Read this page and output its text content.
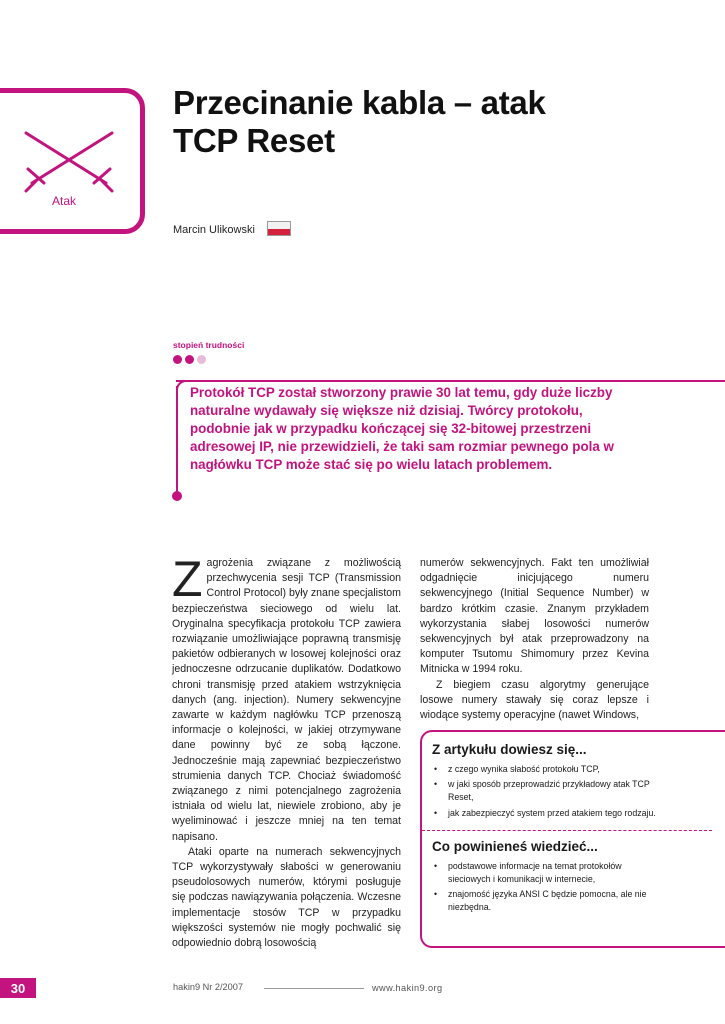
Atak
Przecinanie kabla – atak
TCP Reset
Marcin Ulikowski
stopień trudności
Protokół TCP został stworzony prawie 30 lat temu, gdy duże liczby naturalne wydawały się większe niż dzisiaj. Twórcy protokołu, podobnie jak w przypadku kończącej się 32-bitowej przestrzeni adresowej IP, nie przewidzieli, że taki sam rozmiar pewnego pola w nagłówku TCP może stać się po wielu latach problemem.

Zagrożenia związane z możliwością przechwycenia sesji TCP (Transmission Control Protocol) były znane specjalistom bezpieczeństwa sieciowego od wielu lat. Oryginalna specyfikacja protokołu TCP zawiera rozwiązanie umożliwiające poprawną transmisję pakietów odbieranych w losowej kolejności oraz jednoczesne odrzucanie duplikatów. Dodatkowo chroni transmisję przed atakiem wstrzyknięcia danych (ang. injection). Numery sekwencyjne zawarte w każdym nagłówku TCP przenoszą informacje o kolejności, w jakiej otrzymywane dane powinny być ze sobą łączone. Jednocześnie mają zapewniać bezpieczeństwo strumienia danych TCP. Chociaż świadomość związanego z nimi potencjalnego zagrożenia istniała od wielu lat, niewiele zrobiono, aby je wyeliminować i jeszcze mniej na ten temat napisano.

Ataki oparte na numerach sekwencyjnych TCP wykorzystywały słabości w generowaniu pseudolosowych numerów, którymi posługuje się podczas nawiązywania połączenia. Wczesne implementacje stosów TCP w przypadku większości systemów nie mogły pochwalić się odpowiednio dobrą losowością

numerów sekwencyjnych. Fakt ten umożliwiał odgadnięcie inicjującego numeru sekwencyjnego (Initial Sequence Number) w bardzo krótkim czasie. Znanym przykładem wykorzystania słabej losowości numerów sekwencyjnych był atak przeprowadzony na komputer Tsutomu Shimomury przez Kevina Mitnicka w 1994 roku.

Z biegiem czasu algorytmy generujące losowe numery stawały się coraz lepsze i wiodące systemy operacyjne (nawet Windows,

Z artykułu dowiesz się...
• z czego wynika słabość protokołu TCP,
• w jaki sposób przeprowadzić przykładowy atak TCP Reset,
• jak zabezpieczyć system przed atakiem tego rodzaju.
Co powinieneś wiedzieć...
• podstawowe informacje na temat protokołów sieciowych i komunikacji w internecie,
• znajomość języka ANSI C będzie pomocna, ale nie niezbędna.
30	hakin9 Nr 2/2007	www.hakin9.org
